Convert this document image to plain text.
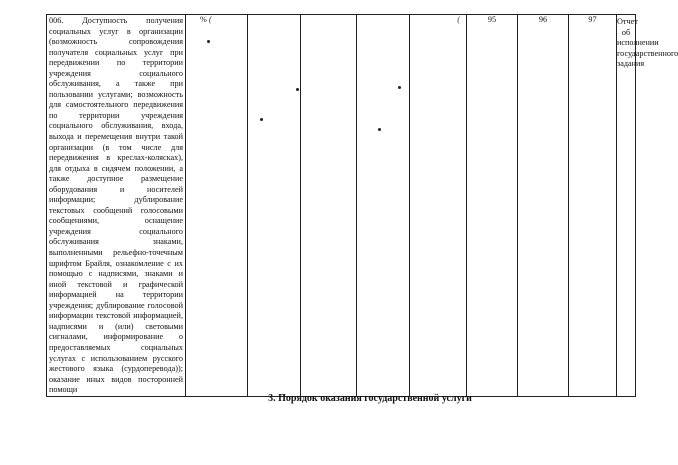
006. Доступность получения социальных услуг в организации (возможность сопровождения получателя социальных услуг при передвижении по территории учреждения социального обслуживания, а также при пользовании услугами; возможность для самостоятельного передвижения по территории учреждения социального обслуживания, входа, выхода и перемещения внутри такой организации (в том числе для передвижения в креслах-колясках), для отдыха в сидячем положении, а также доступное размещение оборудования и носителей информации; дублирование текстовых сообщений голосовыми сообщениями, оснащение учреждения социального обслуживания знаками, выполненными рельефно-точечным шрифтом Брайля, ознакомление с их помощью с надписями, знаками и иной текстовой и графической информацией на территории учреждения; дублирование голосовой информации текстовой информацией, надписями и (или) световыми сигналами, информирование о предоставляемых социальных услугах с использованием русского жестового языка (сурдоперевода));
оказание иных видов посторонней помощи
	% (				(	95	96	97	Отчет об исполнении государственного задания
3. Порядок оказания государственной услуги
